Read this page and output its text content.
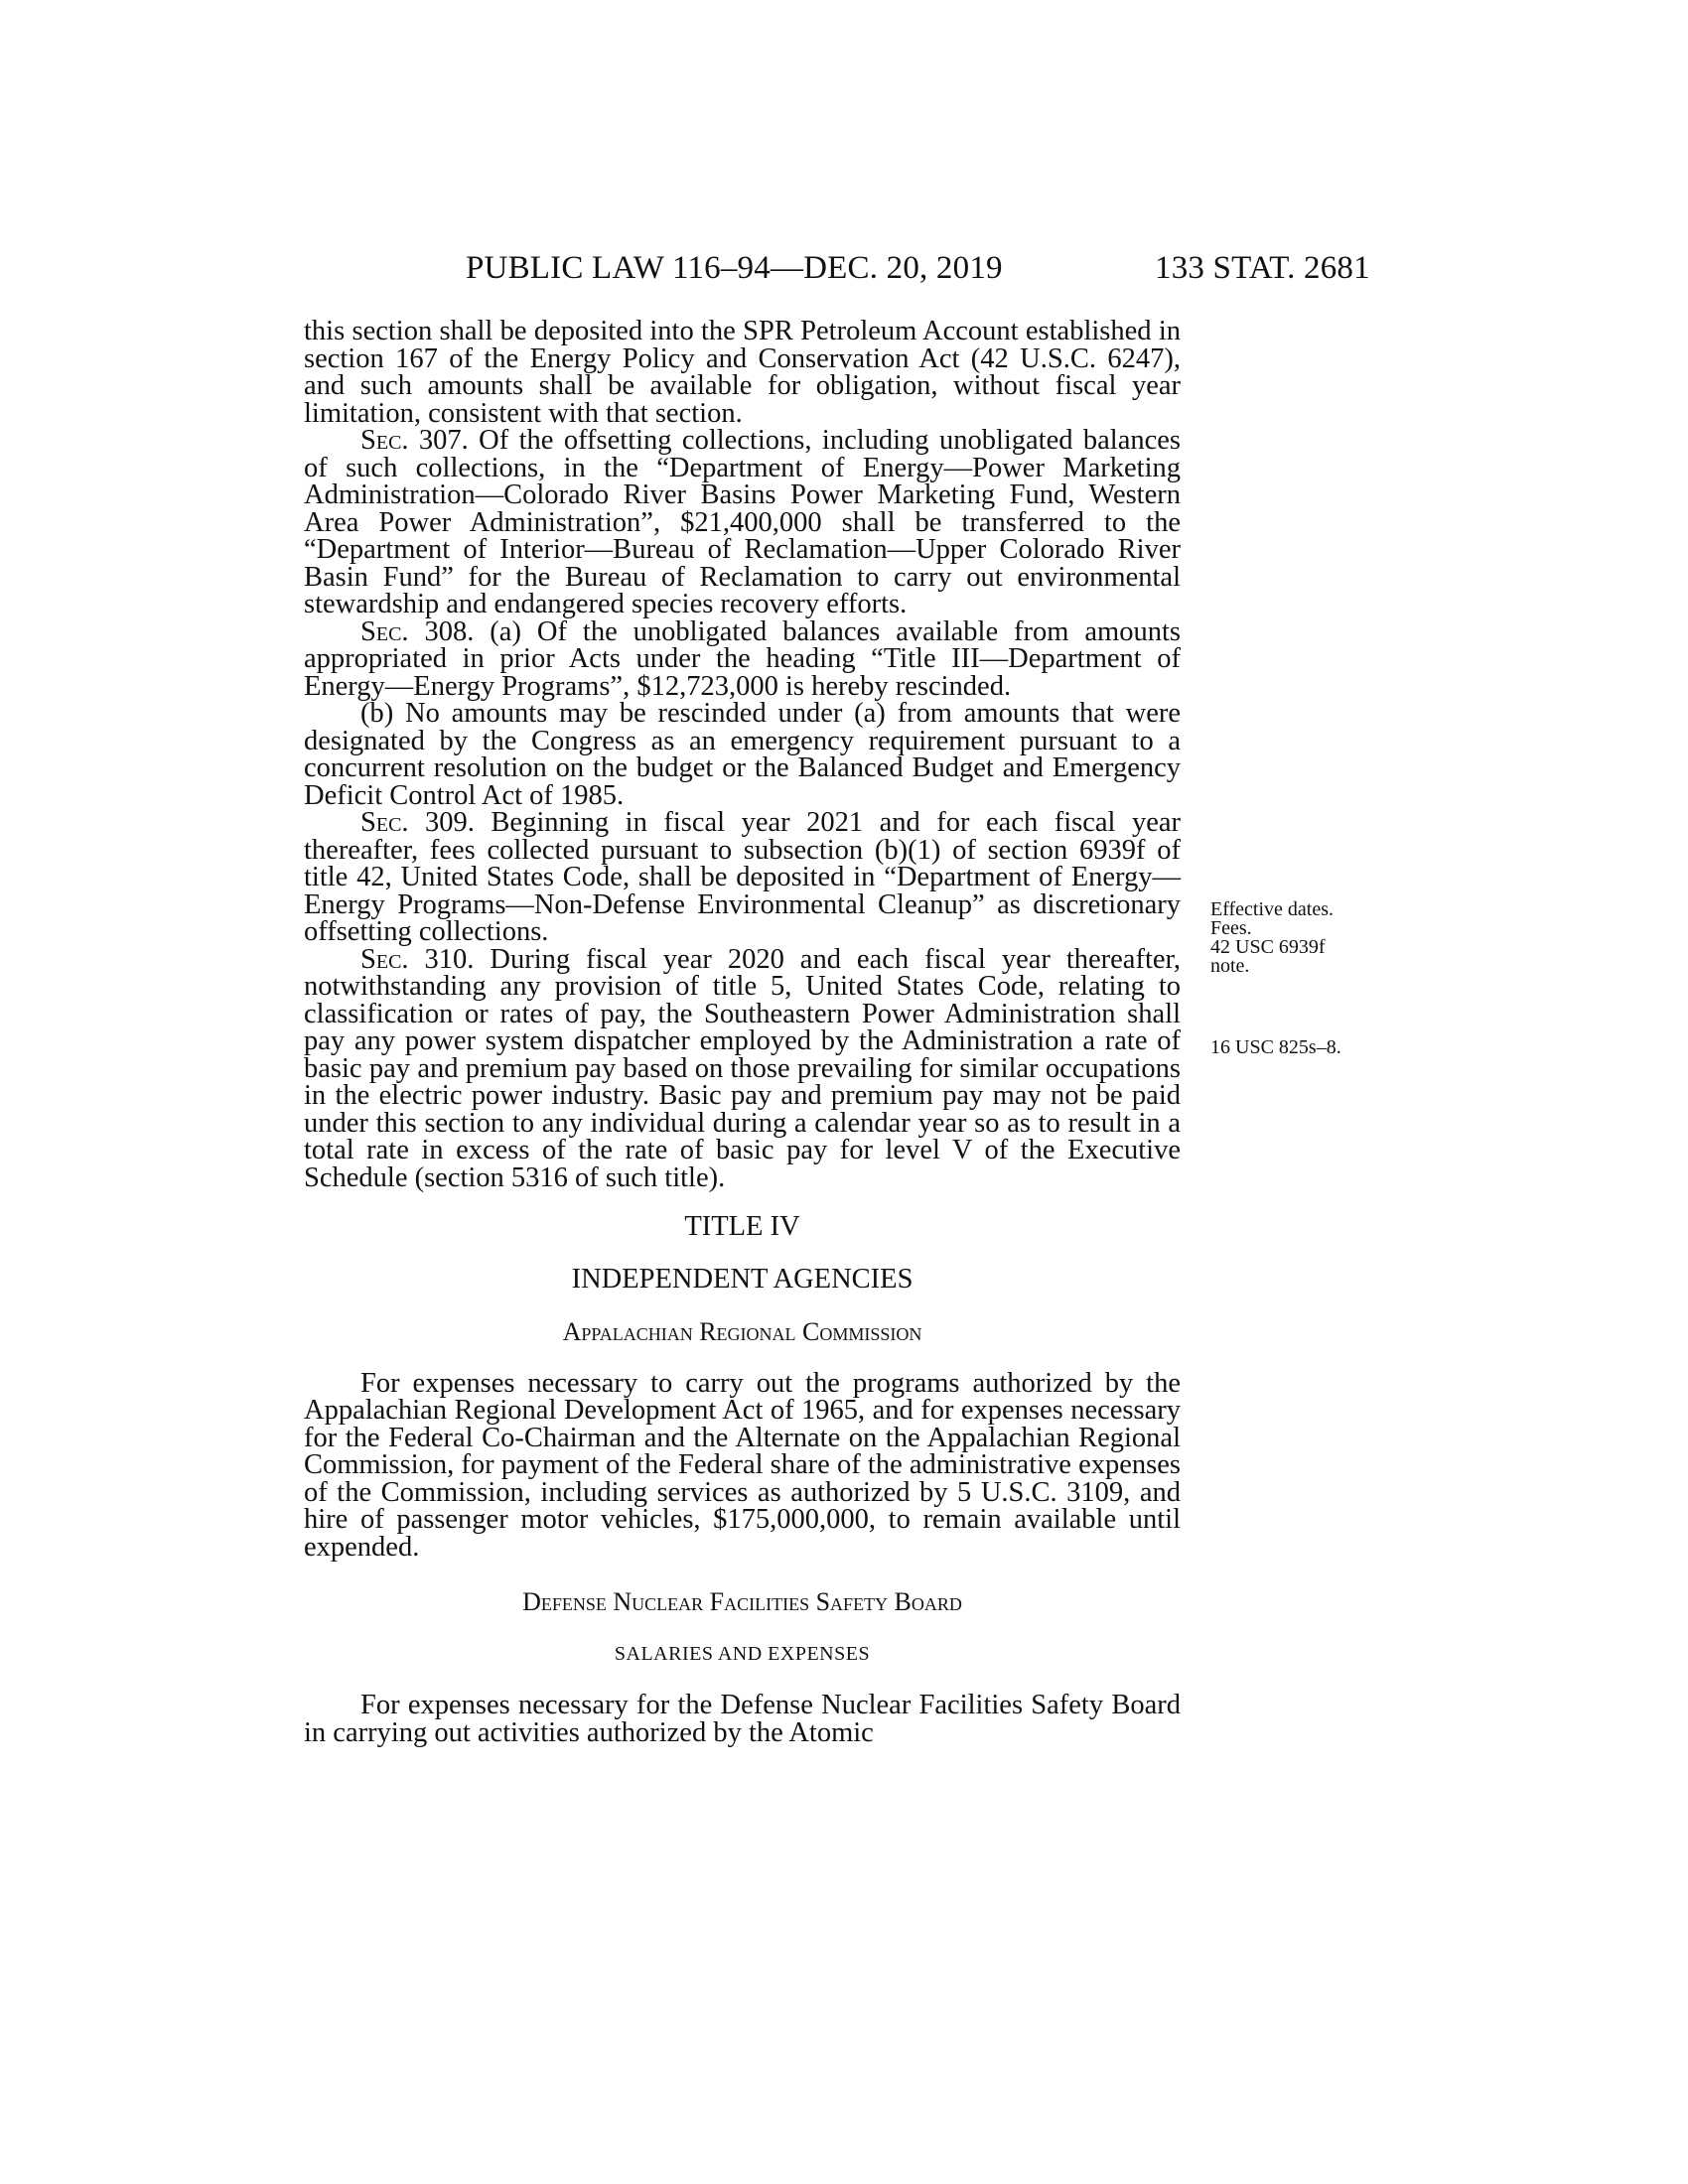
PUBLIC LAW 116–94—DEC. 20, 2019	133 STAT. 2681

this section shall be deposited into the SPR Petroleum Account established in section 167 of the Energy Policy and Conservation Act (42 U.S.C. 6247), and such amounts shall be available for obligation, without fiscal year limitation, consistent with that section.

Sec. 307. Of the offsetting collections, including unobligated balances of such collections, in the “Department of Energy—Power Marketing Administration—Colorado River Basins Power Marketing Fund, Western Area Power Administration”, $21,400,000 shall be transferred to the “Department of Interior—Bureau of Reclamation—Upper Colorado River Basin Fund” for the Bureau of Reclamation to carry out environmental stewardship and endangered species recovery efforts.

Sec. 308. (a) Of the unobligated balances available from amounts appropriated in prior Acts under the heading “Title III—Department of Energy—Energy Programs”, $12,723,000 is hereby rescinded.

(b) No amounts may be rescinded under (a) from amounts that were designated by the Congress as an emergency requirement pursuant to a concurrent resolution on the budget or the Balanced Budget and Emergency Deficit Control Act of 1985.

Sec. 309. Beginning in fiscal year 2021 and for each fiscal year thereafter, fees collected pursuant to subsection (b)(1) of section 6939f of title 42, United States Code, shall be deposited in “Department of Energy—Energy Programs—Non-Defense Environmental Cleanup” as discretionary offsetting collections.

Sec. 310. During fiscal year 2020 and each fiscal year thereafter, notwithstanding any provision of title 5, United States Code, relating to classification or rates of pay, the Southeastern Power Administration shall pay any power system dispatcher employed by the Administration a rate of basic pay and premium pay based on those prevailing for similar occupations in the electric power industry. Basic pay and premium pay may not be paid under this section to any individual during a calendar year so as to result in a total rate in excess of the rate of basic pay for level V of the Executive Schedule (section 5316 of such title).

TITLE IV

INDEPENDENT AGENCIES

Appalachian Regional Commission

For expenses necessary to carry out the programs authorized by the Appalachian Regional Development Act of 1965, and for expenses necessary for the Federal Co-Chairman and the Alternate on the Appalachian Regional Commission, for payment of the Federal share of the administrative expenses of the Commission, including services as authorized by 5 U.S.C. 3109, and hire of passenger motor vehicles, $175,000,000, to remain available until expended.

Defense Nuclear Facilities Safety Board

SALARIES AND EXPENSES

For expenses necessary for the Defense Nuclear Facilities Safety Board in carrying out activities authorized by the Atomic

Effective dates.
Fees.
42 USC 6939f
note.
16 USC 825s–8.
